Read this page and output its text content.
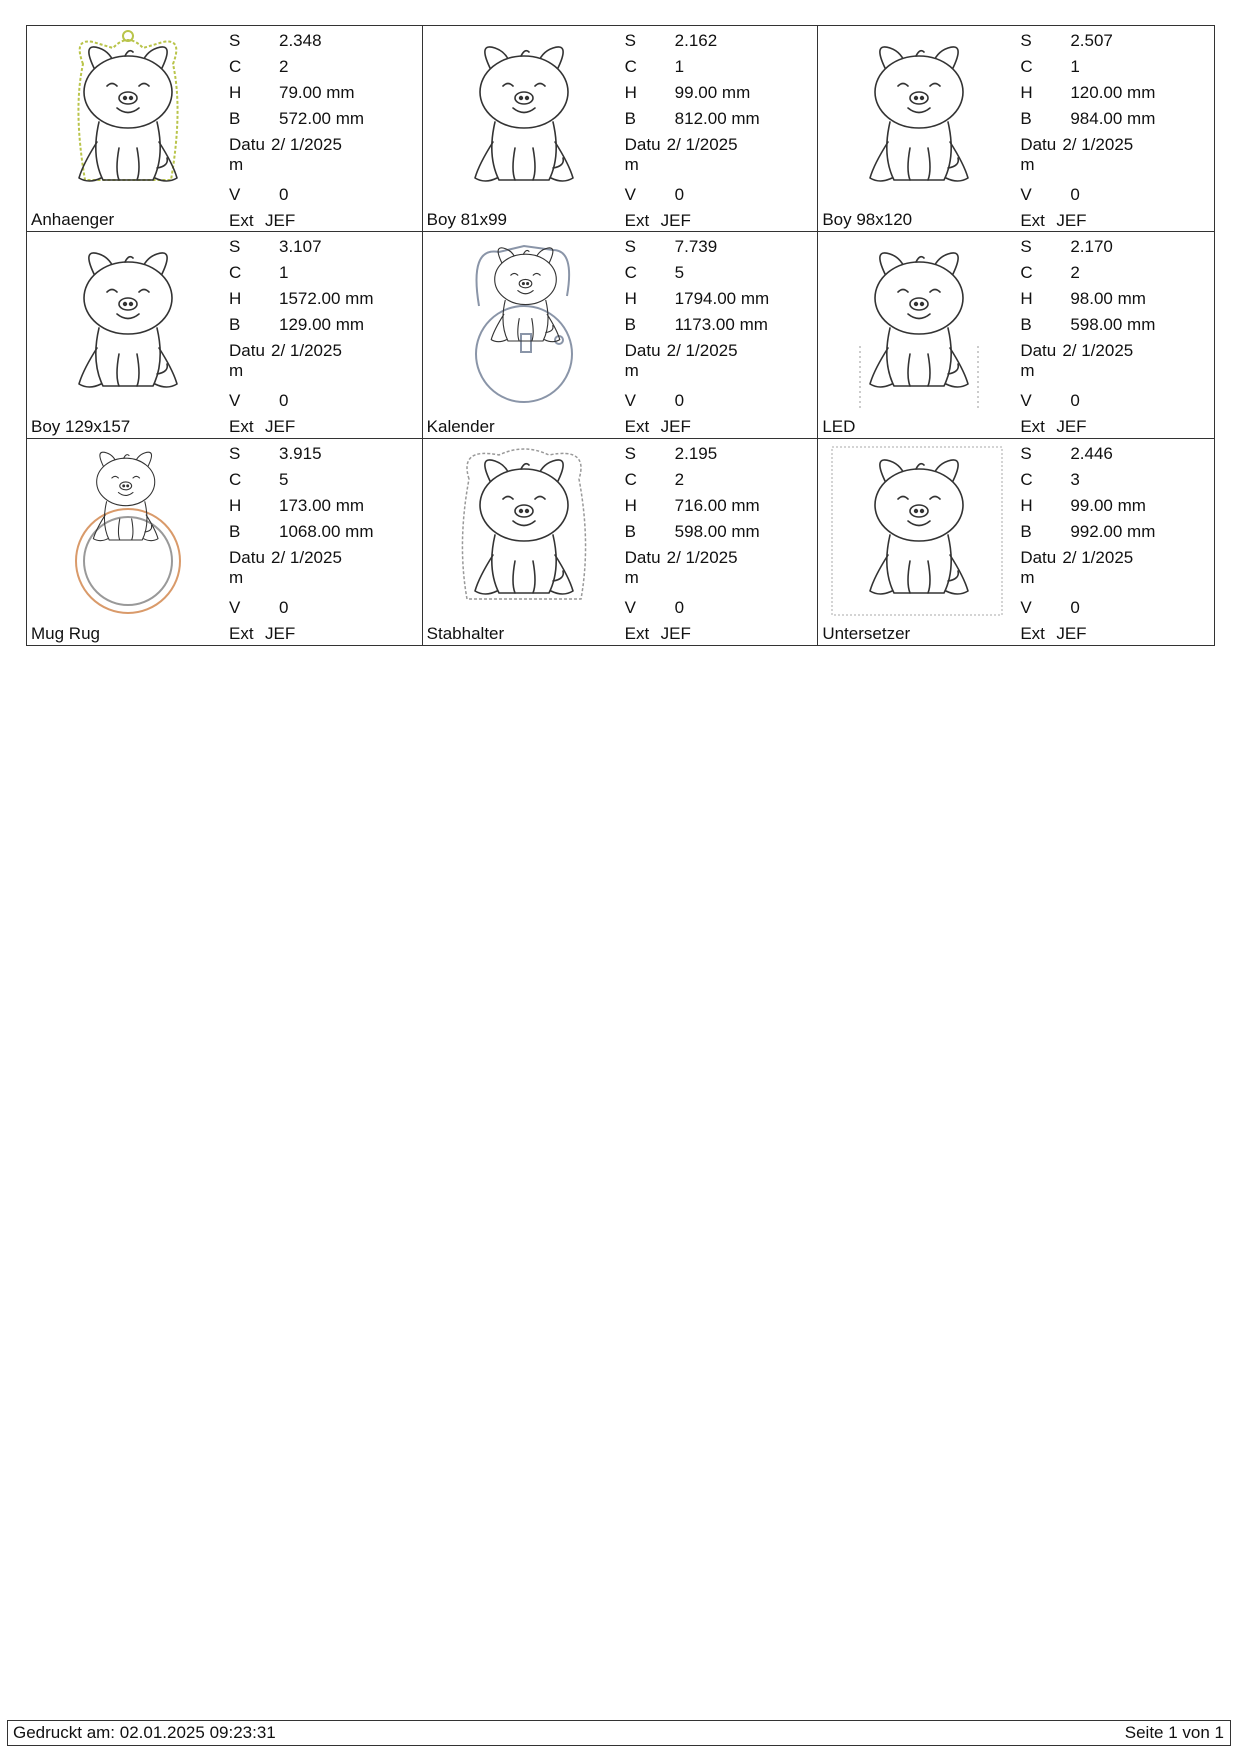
Anhaenger
S	2.348
C	2
H	79.00 mm
B	572.00 mm
Datu
m
2/ 1/2025
V	0
Ext JEF	Boy 81x99
S	2.162
C	1
H	99.00 mm
B	812.00 mm
Datu
m
2/ 1/2025
V	0
Ext JEF	Boy 98x120
S	2.507
C	1
H	120.00 mm
B	984.00 mm
Datu
m
2/ 1/2025
V	0
Ext JEF
Boy 129x157
S	3.107
C	1
H	1572.00 mm
B	129.00 mm
Datu
m
2/ 1/2025
V	0
Ext JEF	Kalender
S	7.739
C	5
H	1794.00 mm
B	1173.00 mm
Datu
m
2/ 1/2025
V	0
Ext JEF	LED
S	2.170
C	2
H	98.00 mm
B	598.00 mm
Datu
m
2/ 1/2025
V	0
Ext JEF
Mug Rug
S	3.915
C	5
H	173.00 mm
B	1068.00 mm
Datu
m
2/ 1/2025
V	0
Ext JEF	Stabhalter
S	2.195
C	2
H	716.00 mm
B	598.00 mm
Datu
m
2/ 1/2025
V	0
Ext JEF	Untersetzer
S	2.446
C	3
H	99.00 mm
B	992.00 mm
Datu
m
2/ 1/2025
V	0
Ext JEF
Gedruckt am: 02.01.2025 09:23:31	Seite 1 von 1
